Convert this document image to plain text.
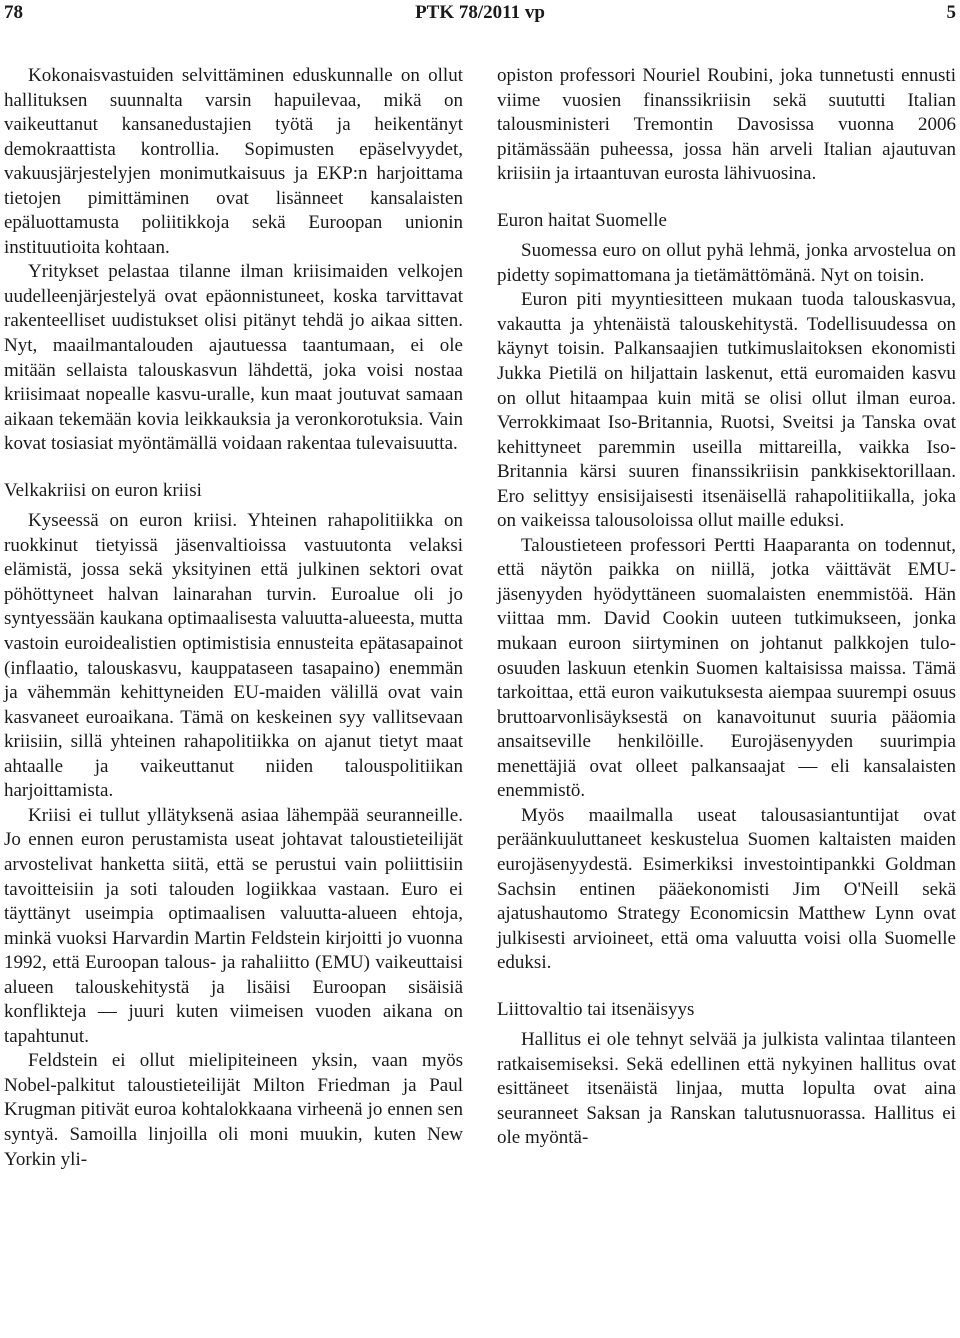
78	PTK 78/2011 vp	5

Kokonaisvastuiden selvittäminen eduskunnalle on ollut hallituksen suunnalta varsin hapuilevaa, mikä on vaikeuttanut kansanedustajien työtä ja heikentänyt demokraattista kontrollia. Sopimusten epäselvyydet, vakuusjärjestelyjen monimutkaisuus ja EKP:n harjoittama tietojen pimittäminen ovat lisänneet kansalaisten epäluottamusta poliitikkoja sekä Euroopan unionin instituutioita kohtaan.

Yritykset pelastaa tilanne ilman kriisimaiden velkojen uudelleenjärjestelyä ovat epäonnistuneet, koska tarvittavat rakenteelliset uudistukset olisi pitänyt tehdä jo aikaa sitten. Nyt, maailmantalouden ajautuessa taantumaan, ei ole mitään sellaista talouskasvun lähdettä, joka voisi nostaa kriisimaat nopealle kasvu-uralle, kun maat joutuvat samaan aikaan tekemään kovia leikkauksia ja veronkorotuksia. Vain kovat tosiasiat myöntämällä voidaan rakentaa tulevaisuutta.

Velkakriisi on euron kriisi

Kyseessä on euron kriisi. Yhteinen rahapolitiikka on ruokkinut tietyissä jäsenvaltioissa vastuutonta velaksi elämistä, jossa sekä yksityinen että julkinen sektori ovat pöhöttyneet halvan lainarahan turvin. Euroalue oli jo syntyessään kaukana optimaalisesta valuutta-alueesta, mutta vastoin euroidealistien optimistisia ennusteita epätasapainot (inflaatio, talouskasvu, kauppataseen tasapaino) enemmän ja vähemmän kehittyneiden EU-maiden välillä ovat vain kasvaneet euroaikana. Tämä on keskeinen syy vallitsevaan kriisiin, sillä yhteinen rahapolitiikka on ajanut tietyt maat ahtaalle ja vaikeuttanut niiden talouspolitiikan harjoittamista.

Kriisi ei tullut yllätyksenä asiaa lähempää seuranneille. Jo ennen euron perustamista useat johtavat taloustieteilijät arvostelivat hanketta siitä, että se perustui vain poliittisiin tavoitteisiin ja soti talouden logiikkaa vastaan. Euro ei täyttänyt useimpia optimaalisen valuutta-alueen ehtoja, minkä vuoksi Harvardin Martin Feldstein kirjoitti jo vuonna 1992, että Euroopan talous- ja rahaliitto (EMU) vaikeuttaisi alueen talouskehitystä ja lisäisi Euroopan sisäisiä konflikteja — juuri kuten viimeisen vuoden aikana on tapahtunut.

Feldstein ei ollut mielipiteineen yksin, vaan myös Nobel-palkitut taloustieteilijät Milton Friedman ja Paul Krugman pitivät euroa kohtalokkaana virheenä jo ennen sen syntyä. Samoilla linjoilla oli moni muukin, kuten New Yorkin yli-

opiston professori Nouriel Roubini, joka tunnetusti ennusti viime vuosien finanssikriisin sekä suututti Italian talousministeri Tremontin Davosissa vuonna 2006 pitämässään puheessa, jossa hän arveli Italian ajautuvan kriisiin ja irtaantuvan eurosta lähivuosina.

Euron haitat Suomelle

Suomessa euro on ollut pyhä lehmä, jonka arvostelua on pidetty sopimattomana ja tietämättömänä. Nyt on toisin.

Euron piti myyntiesitteen mukaan tuoda talouskasvua, vakautta ja yhtenäistä talouskehitystä. Todellisuudessa on käynyt toisin. Palkansaajien tutkimuslaitoksen ekonomisti Jukka Pietilä on hiljattain laskenut, että euromaiden kasvu on ollut hitaampaa kuin mitä se olisi ollut ilman euroa. Verrokkimaat Iso-Britannia, Ruotsi, Sveitsi ja Tanska ovat kehittyneet paremmin useilla mittareilla, vaikka Iso-Britannia kärsi suuren finanssikriisin pankkisektorillaan. Ero selittyy ensisijaisesti itsenäisellä rahapolitiikalla, joka on vaikeissa talousoloissa ollut maille eduksi.

Taloustieteen professori Pertti Haaparanta on todennut, että näytön paikka on niillä, jotka väittävät EMU-jäsenyyden hyödyttäneen suomalaisten enemmistöä. Hän viittaa mm. David Cookin uuteen tutkimukseen, jonka mukaan euroon siirtyminen on johtanut palkkojen tulo-osuuden laskuun etenkin Suomen kaltaisissa maissa. Tämä tarkoittaa, että euron vaikutuksesta aiempaa suurempi osuus bruttoarvonlisäyksestä on kanavoitunut suuria pääomia ansaitseville henkilöille. Eurojäsenyyden suurimpia menettäjiä ovat olleet palkansaajat — eli kansalaisten enemmistö.

Myös maailmalla useat talousasiantuntijat ovat peräänkuuluttaneet keskustelua Suomen kaltaisten maiden eurojäsenyydestä. Esimerkiksi investointipankki Goldman Sachsin entinen pääekonomisti Jim O'Neill sekä ajatushautomo Strategy Economicsin Matthew Lynn ovat julkisesti arvioineet, että oma valuutta voisi olla Suomelle eduksi.

Liittovaltio tai itsenäisyys

Hallitus ei ole tehnyt selvää ja julkista valintaa tilanteen ratkaisemiseksi. Sekä edellinen että nykyinen hallitus ovat esittäneet itsenäistä linjaa, mutta lopulta ovat aina seuranneet Saksan ja Ranskan talutusnuorassa. Hallitus ei ole myöntä-
